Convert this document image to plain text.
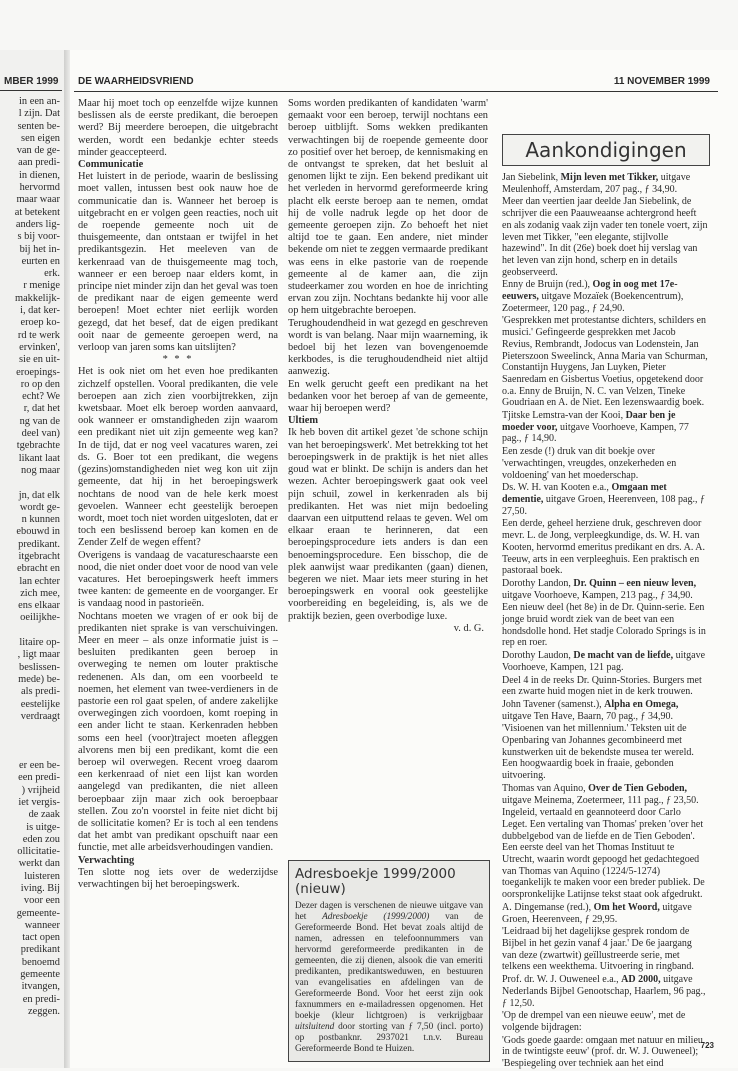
MBER 1999
in een an-
l zijn. Dat
senten be-
sen eigen
van de ge-
aan predi-
in dienen,
hervormd
maar waar
at betekent
anders lig-
s bij voor-
bij het in-
eurten en
erk.
r menige
makkelijk-
i, dat ker-
eroep ko-
rd te werk
ervinken',
sie en uit-
eroepings-
ro op den
echt? We
r, dat het
ng van de
deel van)
tgebrachte
likant laat
nog maar

jn, dat elk
wordt ge-
n kunnen
ebouwd in
predikant.
itgebracht
ebracht en
lan echter
zich mee,
ens elkaar
oeilijkhe-

litaire op-
, ligt maar
beslissen-
mede) be-
als predi-
eestelijke
verdraagt

er een be-
een predi-
) vrijheid
iet vergis-
de zaak
is uitge-
eden zou
ollicitatie-
werkt dan
luisteren
iving. Bij
voor een
gemeente-
wanneer
tact open
predikant
benoemd
gemeente
itvangen,
en predi-
zeggen.
DE WAARHEIDSVRIEND	11 NOVEMBER 1999

Maar hij moet toch op eenzelfde wijze kunnen beslissen als de eerste predikant, die beroepen werd? Bij meerdere beroepen, die uitgebracht werden, wordt een bedankje echter steeds minder geaccepteerd.

Communicatie

Het luistert in de periode, waarin de beslissing moet vallen, intussen best ook nauw hoe de communicatie dan is. Wanneer het beroep is uitgebracht en er volgen geen reacties, noch uit de roepende gemeente noch uit de thuisgemeente, dan ontstaan er twijfel in het predikantsgezin. Het meeleven van de kerkenraad van de thuisgemeente mag toch, wanneer er een beroep naar elders komt, in principe niet minder zijn dan het geval was toen de predikant naar de eigen gemeente werd beroepen! Moet echter niet eerlijk worden gezegd, dat het besef, dat de eigen predikant ooit naar de gemeente geroepen werd, na verloop van jaren soms kan uitslijten?

* * *

Het is ook niet om het even hoe predikanten zichzelf opstellen. Vooral predikanten, die vele beroepen aan zich zien voorbijtrekken, zijn kwetsbaar. Moet elk beroep worden aanvaard, ook wanneer er omstandigheden zijn waarom een predikant niet uit zijn gemeente weg kan? In de tijd, dat er nog veel vacatures waren, zei ds. G. Boer tot een predikant, die wegens (gezins)omstandigheden niet weg kon uit zijn gemeente, dat hij in het beroepingswerk nochtans de nood van de hele kerk moest gevoelen. Wanneer echt geestelijk beroepen wordt, moet toch niet worden uitgesloten, dat er toch een beslissend beroep kan komen en de Zender Zelf de wegen effent?

Overigens is vandaag de vacatureschaarste een nood, die niet onder doet voor de nood van vele vacatures. Het beroepingswerk heeft immers twee kanten: de gemeente en de voorganger. Er is vandaag nood in pastorieën.

Nochtans moeten we vragen of er ook bij de predikanten niet sprake is van verschuivingen. Meer en meer – als onze informatie juist is – besluiten predikanten geen beroep in overweging te nemen om louter praktische redenenen. Als dan, om een voorbeeld te noemen, het element van twee-verdieners in de pastorie een rol gaat spelen, of andere zakelijke overwegingen zich voordoen, komt roeping in een ander licht te staan. Kerkenraden hebben soms een heel (voor)traject moeten afleggen alvorens men bij een predikant, komt die een beroep wil overwegen. Recent vroeg daarom een kerkenraad of niet een lijst kan worden aangelegd van predikanten, die niet alleen beroepbaar zijn maar zich ook beroepbaar stellen. Zou zo'n voorstel in feite niet dicht bij de sollicitatie komen? Er is toch al een tendens dat het ambt van predikant opschuift naar een functie, met alle arbeidsverhoudingen vandien.

Verwachting

Ten slotte nog iets over de wederzijdse verwachtingen bij het beroepingswerk.

Soms worden predikanten of kandidaten 'warm' gemaakt voor een beroep, terwijl nochtans een beroep uitblijft. Soms wekken predikanten verwachtingen bij de roepende gemeente door zo positief over het beroep, de kennismaking en de ontvangst te spreken, dat het besluit al genomen lijkt te zijn. Een bekend predikant uit het verleden in hervormd gereformeerde kring placht elk eerste beroep aan te nemen, omdat hij de volle nadruk legde op het door de gemeente geroepen zijn. Zo behoeft het niet altijd toe te gaan. Een andere, niet minder bekende om niet te zeggen vermaarde predikant was eens in elke pastorie van de roepende gemeente al de kamer aan, die zijn studeerkamer zou worden en hoe de inrichting ervan zou zijn. Nochtans bedankte hij voor alle op hem uitgebrachte beroepen.

Terughoudendheid in wat gezegd en geschreven wordt is van belang. Naar mijn waarneming, ik bedoel bij het lezen van bovengenoemde kerkbodes, is die terughoudendheid niet altijd aanwezig.

En welk gerucht geeft een predikant na het bedanken voor het beroep af van de gemeente, waar hij beroepen werd?

Ultiem

Ik heb boven dit artikel gezet 'de schone schijn van het beroepingswerk'. Met betrekking tot het beroepingswerk in de praktijk is het niet alles goud wat er blinkt. De schijn is anders dan het wezen. Achter beroepingswerk gaat ook veel pijn schuil, zowel in kerkenraden als bij predikanten. Het was niet mijn bedoeling daarvan een uitputtend relaas te geven. Wel om elkaar eraan te herinneren, dat een beroepingsprocedure iets anders is dan een benoemingsprocedure. Een bisschop, die de plek aanwijst waar predikanten (gaan) dienen, begeren we niet. Maar iets meer sturing in het beroepingswerk en vooral ook geestelijke voorbereiding en begeleiding, is, als we de praktijk bezien, geen overbodige luxe.

v. d. G.

Adresboekje 1999/2000 (nieuw)
Dezer dagen is verschenen de nieuwe uitgave van het Adresboekje (1999/2000) van de Gereformeerde Bond. Het bevat zoals altijd de namen, adressen en telefoonnummers van hervormd gereformeerde predikanten in de gemeenten, die zij dienen, alsook die van emeriti predikanten, predikantsweduwen, en bestuuren van evangelisaties en afdelingen van de Gereformeerde Bond. Voor het eerst zijn ook faxnummers en e-mailadressen opgenomen. Het boekje (kleur lichtgroen) is verkrijgbaar uitsluitend door storting van ƒ 7,50 (incl. porto) op postbanknr. 2937021 t.n.v. Bureau Gereformeerde Bond te Huizen.
Aankondigingen

Jan Siebelink, Mijn leven met Tikker, uitgave Meulenhoff, Amsterdam, 207 pag., ƒ 34,90.

Meer dan veertien jaar deelde Jan Siebelink, de schrijver die een Paauweaanse achtergrond heeft en als zodanig vaak zijn vader ten tonele voert, zijn leven met Tikker, "een elegante, stijlvolle hazewind". In dit (26e) boek doet hij verslag van het leven van zijn hond, scherp en in details geobserveerd.

Enny de Bruijn (red.), Oog in oog met 17e-eeuwers, uitgave Mozaïek (Boekencentrum), Zoetermeer, 120 pag., ƒ 24,90.

'Gesprekken met protestantse dichters, schilders en musici.' Gefingeerde gesprekken met Jacob Revius, Rembrandt, Jodocus van Lodenstein, Jan Pieterszoon Sweelinck, Anna Maria van Schurman, Constantijn Huygens, Jan Luyken, Pieter Saenredam en Gisbertus Voetius, opgetekend door o.a. Enny de Bruijn, N. C. van Velzen, Tineke Goudriaan en A. de Niet. Een lezenswaardig boek.

Tjitske Lemstra-van der Kooi, Daar ben je moeder voor, uitgave Voorhoeve, Kampen, 77 pag., ƒ 14,90.

Een zesde (!) druk van dit boekje over 'verwachtingen, vreugdes, onzekerheden en voldoening' van het moederschap.

Ds. W. H. van Kooten e.a., Omgaan met dementie, uitgave Groen, Heerenveen, 108 pag., ƒ 27,50.

Een derde, geheel herziene druk, geschreven door mevr. L. de Jong, verpleegkundige, ds. W. H. van Kooten, hervormd emeritus predikant en drs. A. A. Teeuw, arts in een verpleeghuis. Een praktisch en pastoraal boek.

Dorothy Landon, Dr. Quinn – een nieuw leven, uitgave Voorhoeve, Kampen, 213 pag., ƒ 34,90.

Een nieuw deel (het 8e) in de Dr. Quinn-serie. Een jonge bruid wordt ziek van de beet van een hondsdolle hond. Het stadje Colorado Springs is in rep en roer.

Dorothy Laudon, De macht van de liefde, uitgave Voorhoeve, Kampen, 121 pag.

Deel 4 in de reeks Dr. Quinn-Stories. Burgers met een zwarte huid mogen niet in de kerk trouwen.

John Tavener (samenst.), Alpha en Omega, uitgave Ten Have, Baarn, 70 pag., ƒ 34,90.

'Visioenen van het millennium.' Teksten uit de Openbaring van Johannes gecombineerd met kunstwerken uit de bekendste musea ter wereld. Een hoogwaardig boek in fraaie, gebonden uitvoering.

Thomas van Aquino, Over de Tien Geboden, uitgave Meinema, Zoetermeer, 111 pag., ƒ 23,50.

Ingeleid, vertaald en geannoteerd door Carlo Leget. Een vertaling van Thomas' preken 'over het dubbelgebod van de liefde en de Tien Geboden'. Een eerste deel van het Thomas Instituut te Utrecht, waarin wordt gepoogd het gedachtegoed van Thomas van Aquino (1224/5-1274) toegankelijk te maken voor een breder publiek. De oorspronkelijke Latijnse tekst staat ook afgedrukt.

A. Dingemanse (red.), Om het Woord, uitgave Groen, Heerenveen, ƒ 29,95.

'Leidraad bij het dagelijkse gesprek rondom de Bijbel in het gezin vanaf 4 jaar.' De 6e jaargang van deze (zwartwit) geïllustreerde serie, met telkens een weekthema. Uitvoering in ringband.

Prof. dr. W. J. Ouweneel e.a., AD 2000, uitgave Nederlands Bijbel Genootschap, Haarlem, 96 pag., ƒ 12,50.

'Op de drempel van een nieuwe eeuw', met de volgende bijdragen:

'Gods goede gaarde: omgaan met natuur en milieu in de twintigste eeuw' (prof. dr. W. J. Ouweneel); 'Bespiegeling over techniek aan het eind

723
